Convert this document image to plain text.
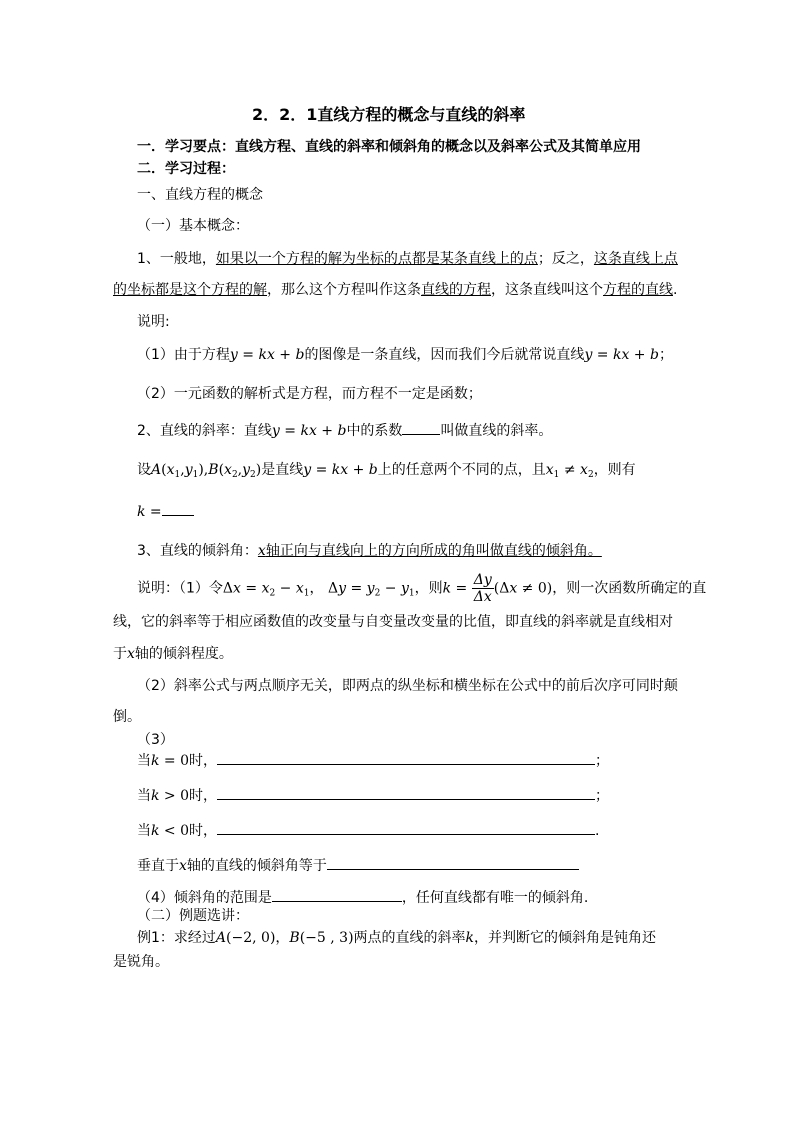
2．2．1直线方程的概念与直线的斜率
一．学习要点：直线方程、直线的斜率和倾斜角的概念以及斜率公式及其简单应用
二．学习过程：
一、直线方程的概念
（一）基本概念：
1、一般地，如果以一个方程的解为坐标的点都是某条直线上的点；反之，这条直线上点
的坐标都是这个方程的解，那么这个方程叫作这条直线的方程，这条直线叫这个方程的直线.
说明:
（1）由于方程y = kx + b的图像是一条直线，因而我们今后就常说直线y = kx + b；
（2）一元函数的解析式是方程，而方程不一定是函数；
2、直线的斜率：直线y = kx + b中的系数	叫做直线的斜率。
设$A(x_1,y_1),B(x_2,y_2)$是直线y = kx + b上的任意两个不同的点，且$x_1 \ne x_2$，则有
k =
3、直线的倾斜角：x轴正向与直线向上的方向所成的角叫做直线的倾斜角。
说明：（1）令$\Delta x = x_2 - x_1$， $\Delta y = y_2 - y_1$，则$k = \frac{\Delta y}{\Delta x} (\Delta x \ne 0)$，则一次函数所确定的直
线，它的斜率等于相应函数值的改变量与自变量改变量的比值，即直线的斜率就是直线相对
于x轴的倾斜程度。
（2）斜率公式与两点顺序无关，即两点的纵坐标和横坐标在公式中的前后次序可同时颠
倒。
（3）
当k = 0时，	；
当k > 0时，	；
当k < 0时，	.
垂直于x轴的直线的倾斜角等于
（4）倾斜角的范围是	，任何直线都有唯一的倾斜角.
（二）例题选讲：
例1：求经过A(−2, 0)，B(−5 , 3)两点的直线的斜率k，并判断它的倾斜角是钝角还
是锐角。
